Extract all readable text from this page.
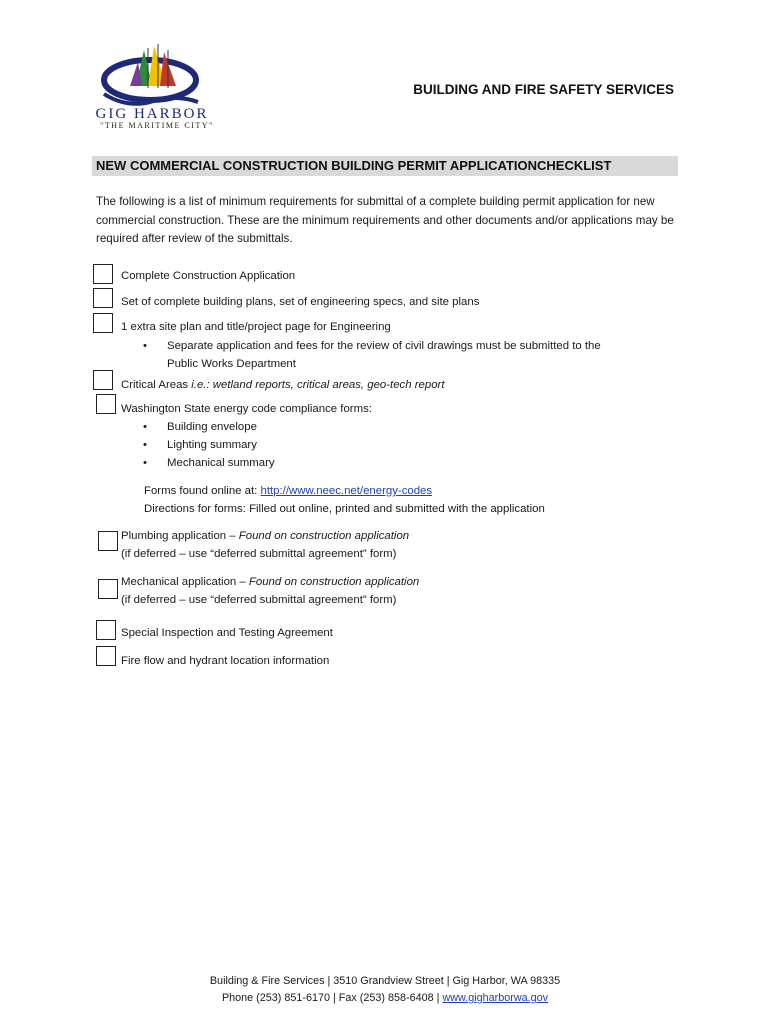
GIG HARBOR
"THE MARITIME CITY"
BUILDING AND FIRE SAFETY SERVICES
NEW COMMERCIAL CONSTRUCTION BUILDING PERMIT APPLICATIONCHECKLIST
The following is a list of minimum requirements for submittal of a complete building permit application for new commercial construction. These are the minimum requirements and other documents and/or applications may be required after review of the submittals.
Complete Construction Application
Set of complete building plans, set of engineering specs, and site plans
1 extra site plan and title/project page for Engineering
• Separate application and fees for the review of civil drawings must be submitted to the
Public Works Department
Critical Areas i.e.: wetland reports, critical areas, geo-tech report
Washington State energy code compliance forms:
• Building envelope
• Lighting summary
• Mechanical summary
Forms found online at: http://www.neec.net/energy-codes
Directions for forms: Filled out online, printed and submitted with the application
Plumbing application – Found on construction application
(if deferred – use “deferred submittal agreement” form)
Mechanical application – Found on construction application
(if deferred – use “deferred submittal agreement” form)
Special Inspection and Testing Agreement
Fire flow and hydrant location information
Building & Fire Services | 3510 Grandview Street | Gig Harbor, WA 98335
Phone (253) 851-6170 | Fax (253) 858-6408 | www.gigharborwa.gov
